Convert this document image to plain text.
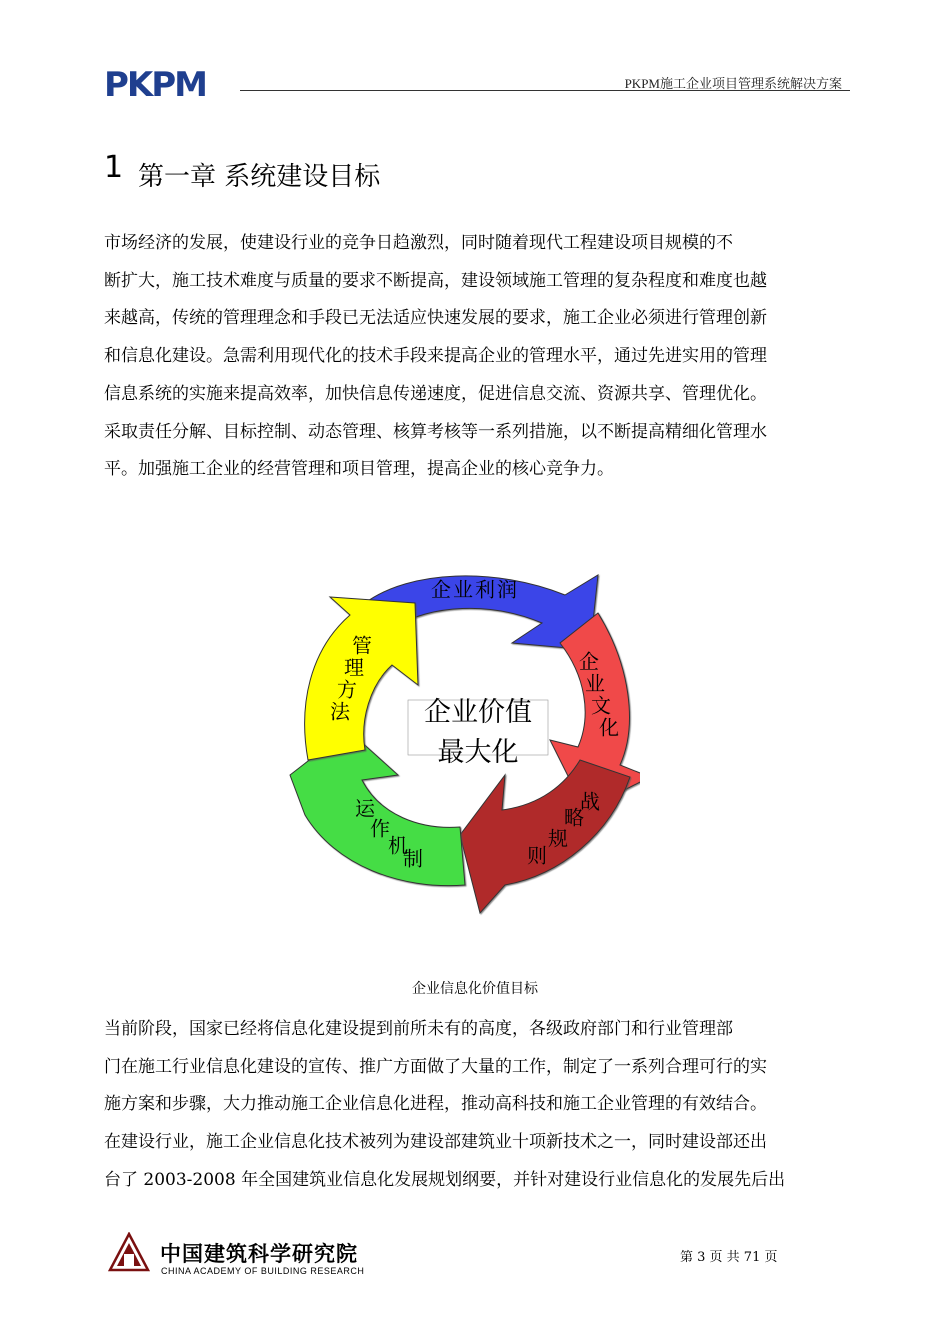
PKPM	PKPM施工企业项目管理系统解决方案
1 第一章 系统建设目标
市场经济的发展，使建设行业的竞争日趋激烈，同时随着现代工程建设项目规模的不
断扩大，施工技术难度与质量的要求不断提高，建设领域施工管理的复杂程度和难度也越
来越高，传统的管理理念和手段已无法适应快速发展的要求，施工企业必须进行管理创新
和信息化建设。急需利用现代化的技术手段来提高企业的管理水平，通过先进实用的管理
信息系统的实施来提高效率，加快信息传递速度，促进信息交流、资源共享、管理优化。
采取责任分解、目标控制、动态管理、核算考核等一系列措施，以不断提高精细化管理水
平。加强施工企业的经营管理和项目管理，提高企业的核心竞争力。
企业价值
最大化
企 业 利 润
企
业
文
化
战
略
规
则
运
作
机
制
管
理
方
法
企业信息化价值目标
当前阶段，国家已经将信息化建设提到前所未有的高度，各级政府部门和行业管理部
门在施工行业信息化建设的宣传、推广方面做了大量的工作，制定了一系列合理可行的实
施方案和步骤，大力推动施工企业信息化进程，推动高科技和施工企业管理的有效结合。
在建设行业，施工企业信息化技术被列为建设部建筑业十项新技术之一，同时建设部还出
台了 2003-2008 年全国建筑业信息化发展规划纲要，并针对建设行业信息化的发展先后出
中国建筑科学研究院
CHINA ACADEMY OF BUILDING RESEARCH
第 3 页 共 71 页
